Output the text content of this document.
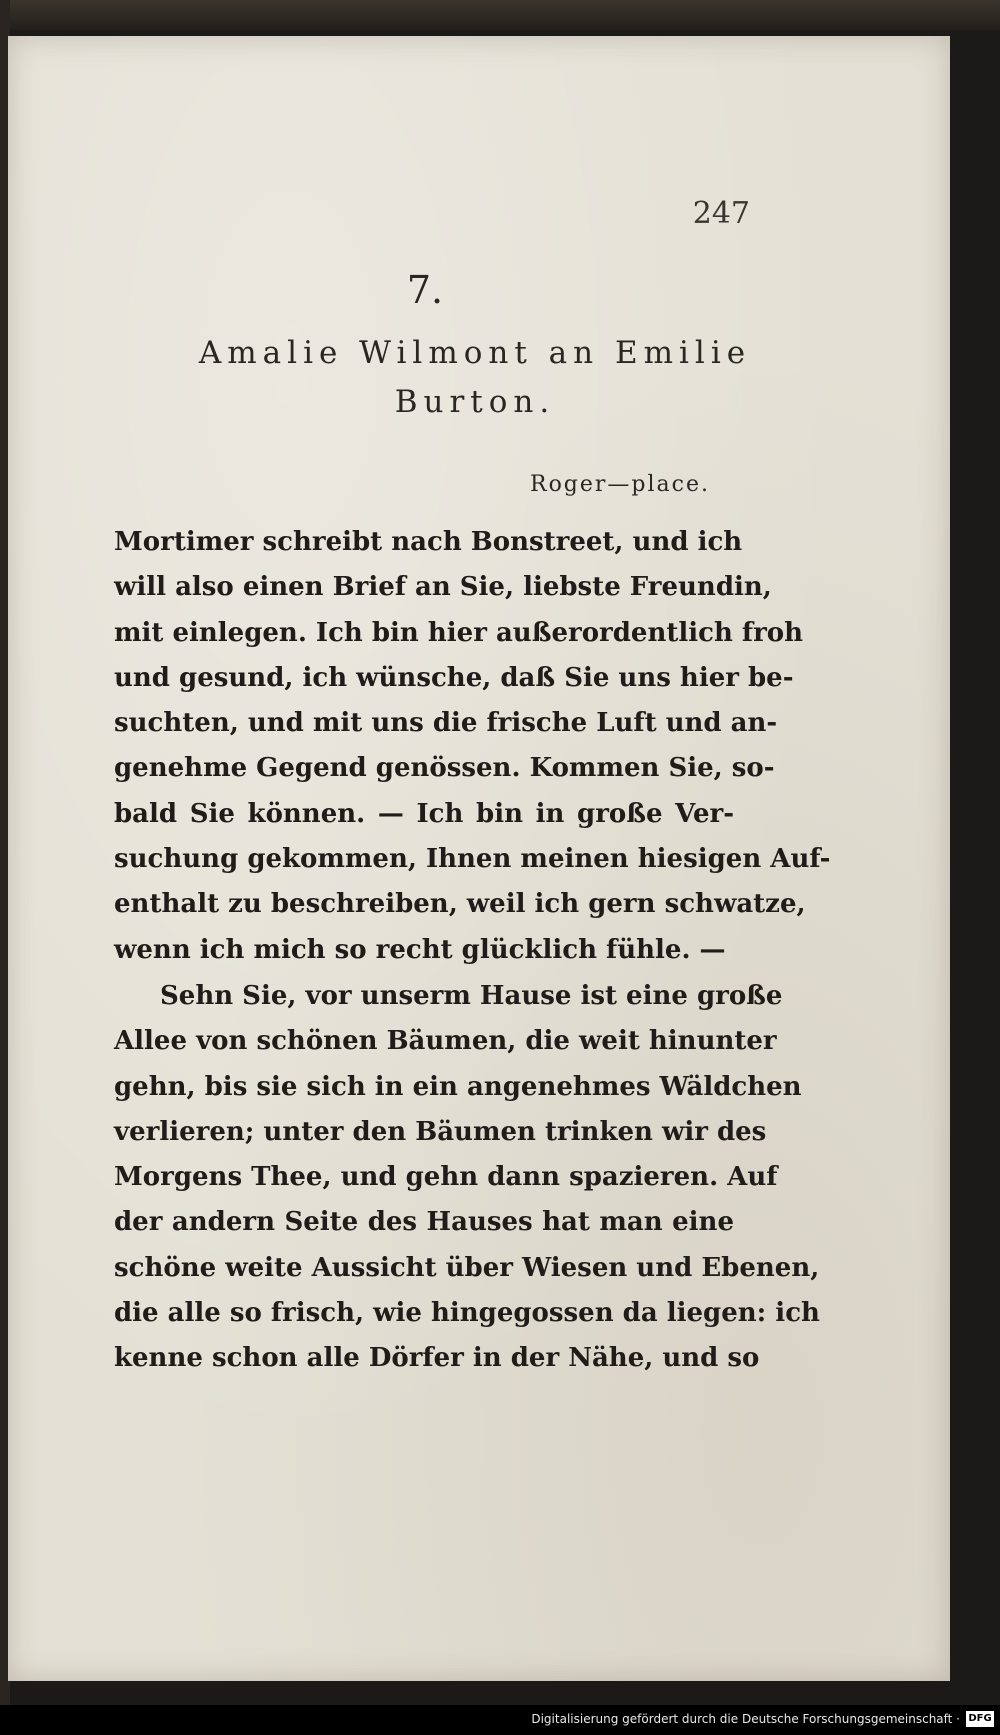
247
7.
Amalie Wilmont an Emilie
Burton.
Roger—place.
Mortimer schreibt nach Bonstreet, und ich
will also einen Brief an Sie, liebste Freundin,
mit einlegen. Ich bin hier außerordentlich froh
und gesund, ich wünsche, daß Sie uns hier be-
suchten, und mit uns die frische Luft und an-
genehme Gegend genössen. Kommen Sie, so-
bald Sie können. — Ich bin in große Ver-
suchung gekommen, Ihnen meinen hiesigen Auf-
enthalt zu beschreiben, weil ich gern schwatze,
wenn ich mich so recht glücklich fühle. —
Sehn Sie, vor unserm Hause ist eine große
Allee von schönen Bäumen, die weit hinunter
gehn, bis sie sich in ein angenehmes Wäldchen
verlieren; unter den Bäumen trinken wir des
Morgens Thee, und gehn dann spazieren. Auf
der andern Seite des Hauses hat man eine
schöne weite Aussicht über Wiesen und Ebenen,
die alle so frisch, wie hingegossen da liegen: ich
kenne schon alle Dörfer in der Nähe, und so
Digitalisierung gefördert durch die Deutsche Forschungsgemeinschaft · DFG
